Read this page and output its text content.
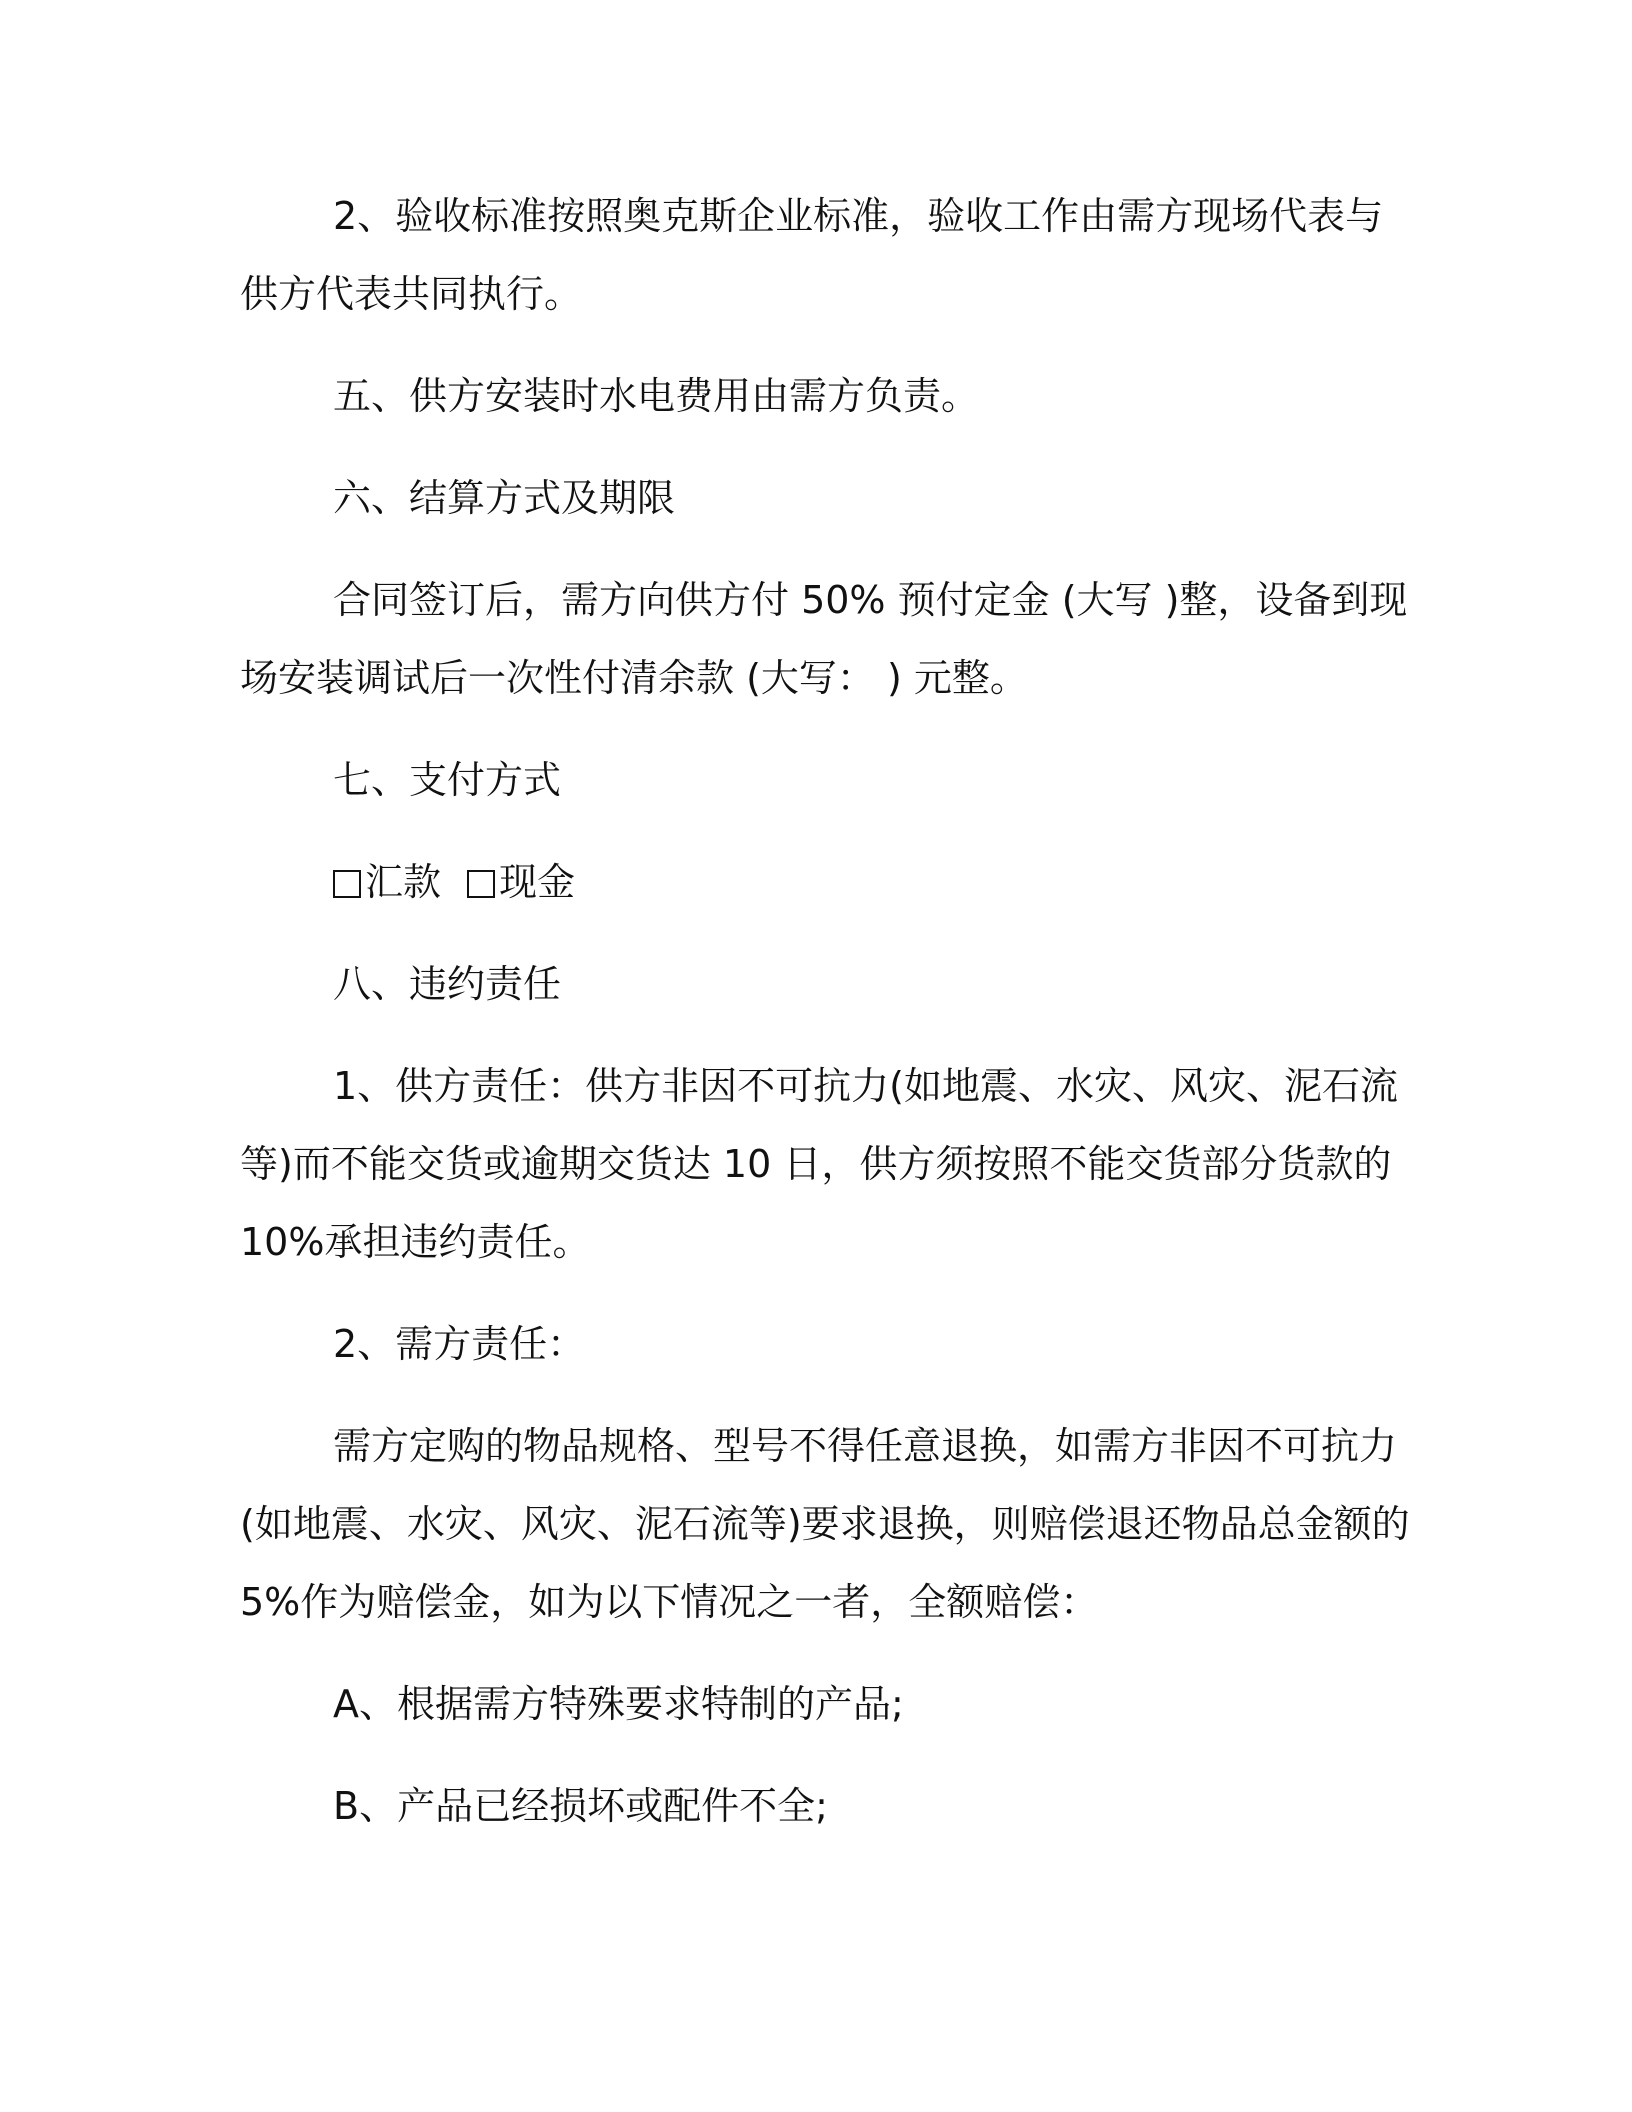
2、验收标准按照奥克斯企业标准，验收工作由需方现场代表与
供方代表共同执行。
五、供方安装时水电费用由需方负责。
六、结算方式及期限
合同签订后，需方向供方付 50% 预付定金 (大写 )整，设备到现
场安装调试后一次性付清余款 (大写： ) 元整。
七、支付方式
汇款 现金
八、违约责任
1、供方责任：供方非因不可抗力(如地震、水灾、风灾、泥石流
等)而不能交货或逾期交货达 10 日，供方须按照不能交货部分货款的
10%承担违约责任。
2、需方责任：
需方定购的物品规格、型号不得任意退换，如需方非因不可抗力
(如地震、水灾、风灾、泥石流等)要求退换，则赔偿退还物品总金额的
5%作为赔偿金，如为以下情况之一者，全额赔偿：
A、根据需方特殊要求特制的产品;
B、产品已经损坏或配件不全;
